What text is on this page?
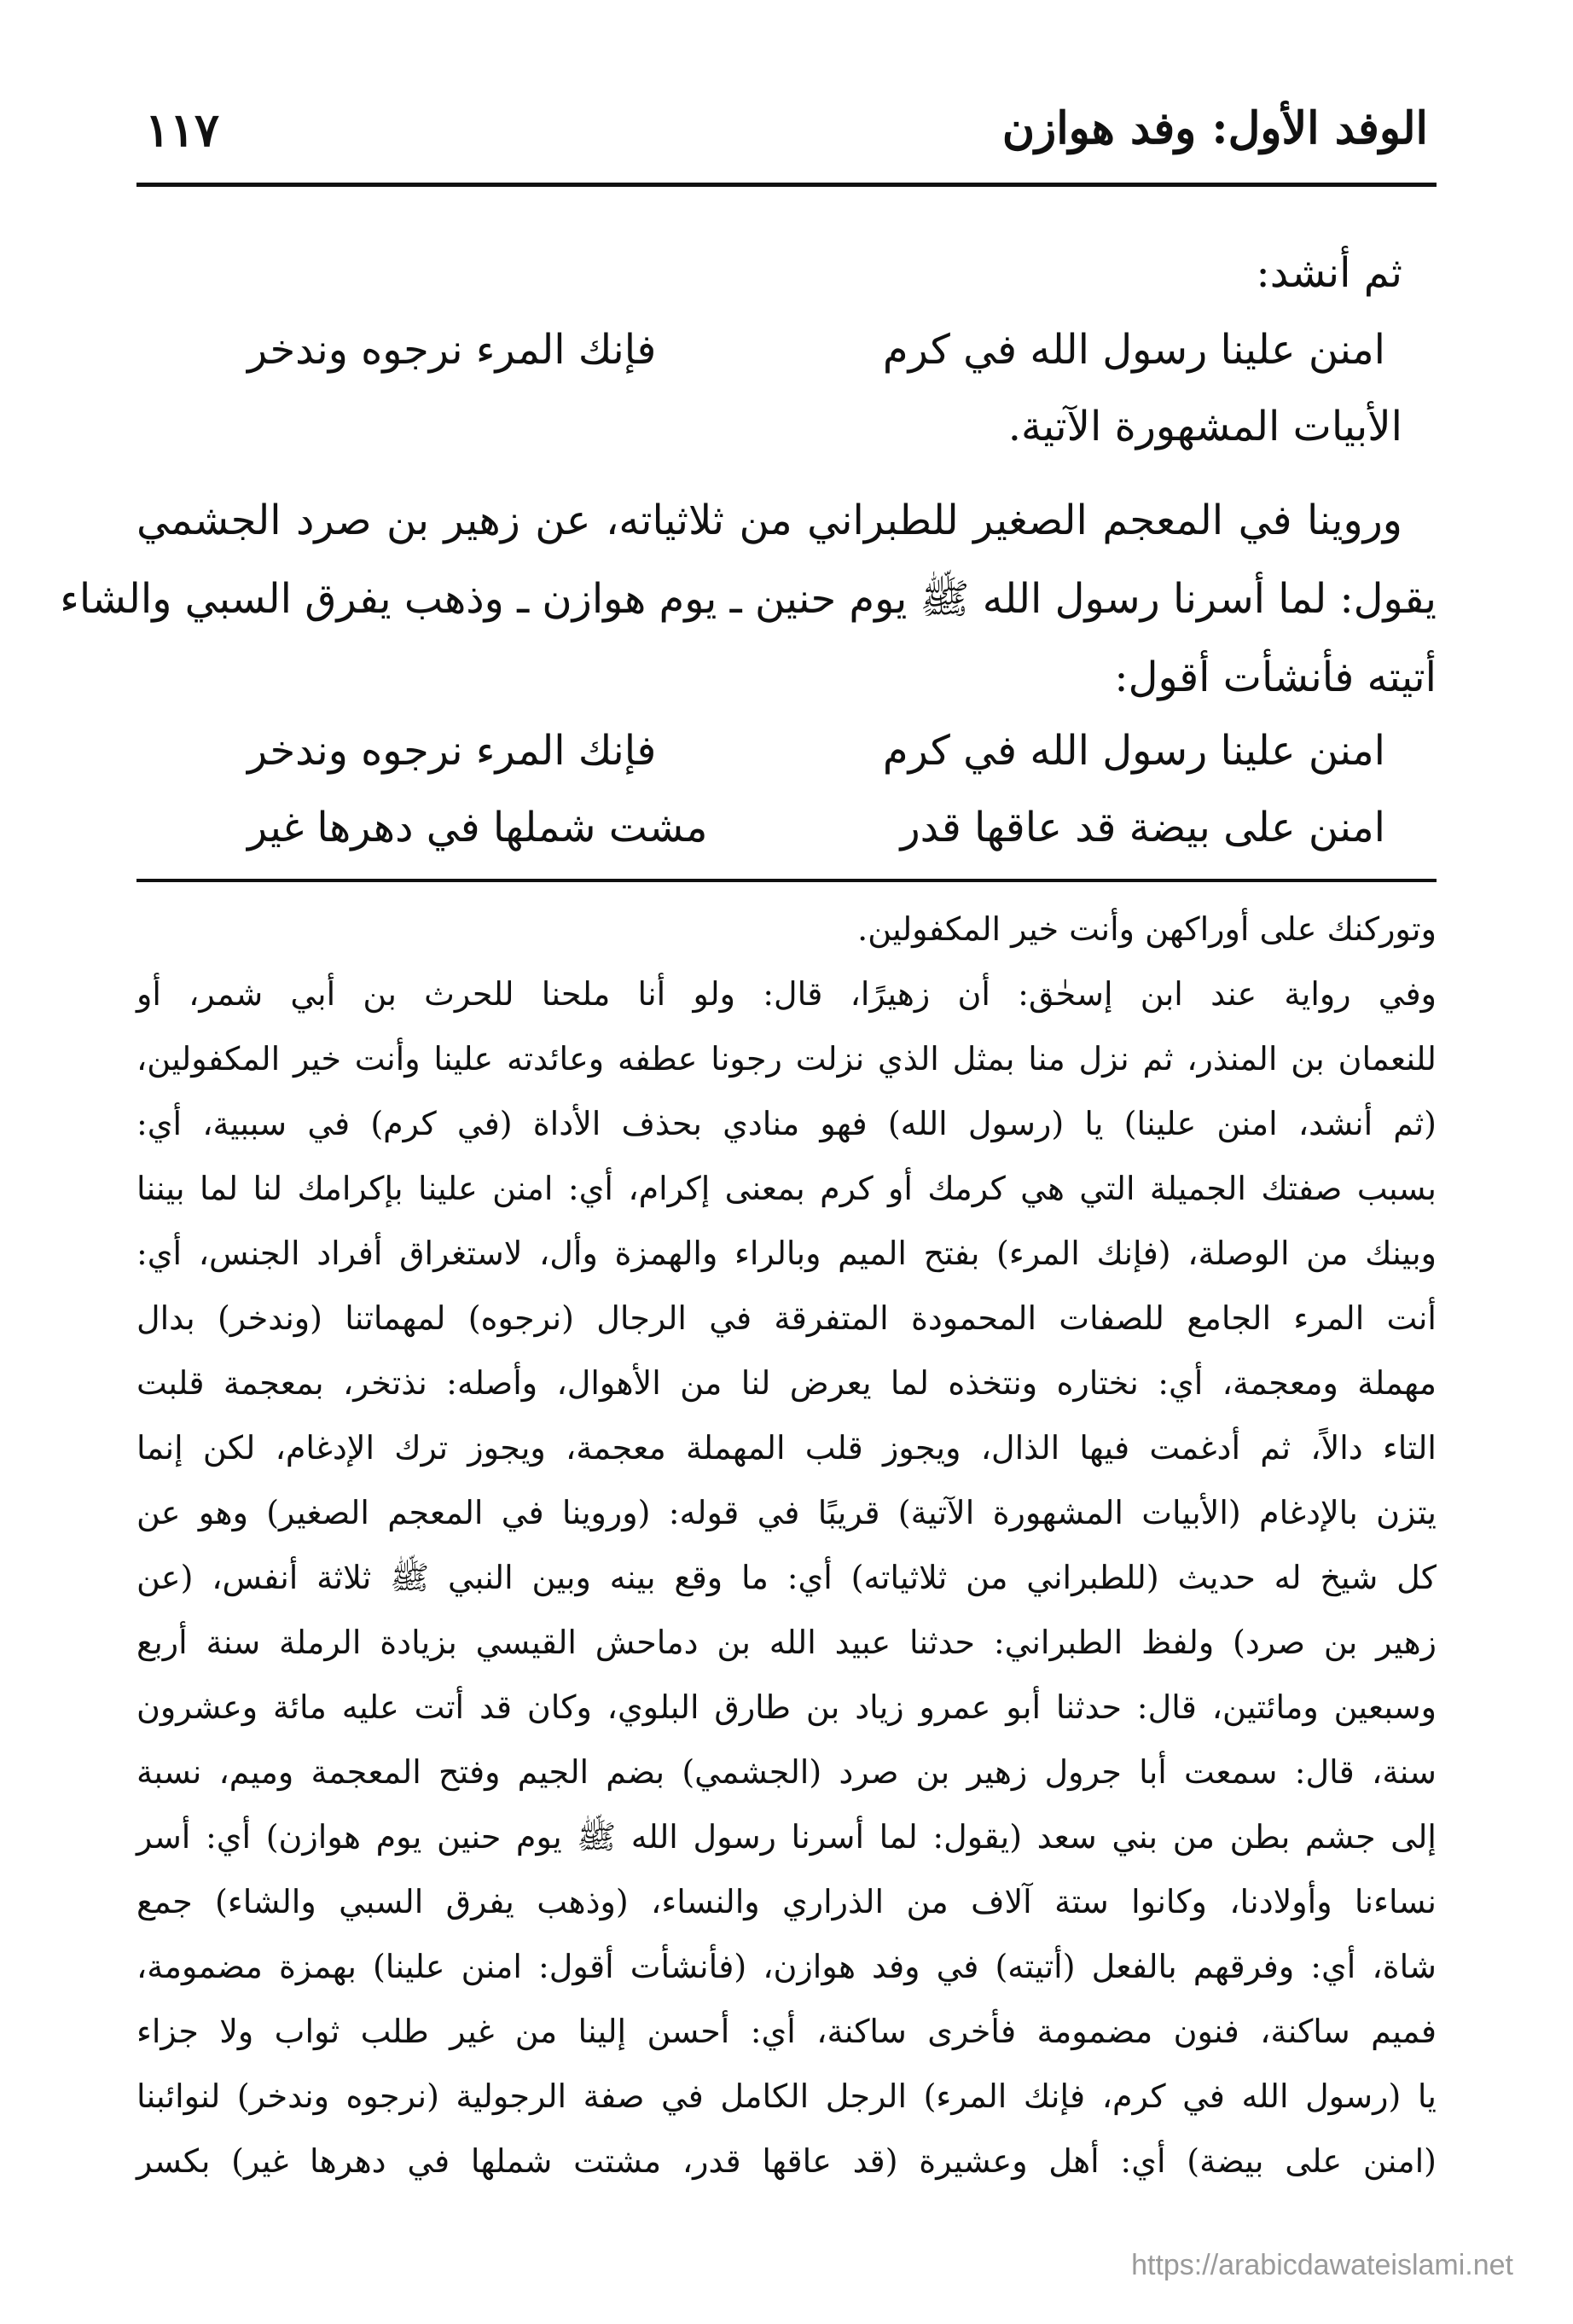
الوفد الأول: وفد هوازن
١١٧
ثم أنشد:
امنن علينا رسول الله في كرم
فإنك المرء نرجوه وندخر
الأبيات المشهورة الآتية.
وروينا في المعجم الصغير للطبراني من ثلاثياته، عن زهير بن صرد الجشمي
يقول: لما أسرنا رسول الله ﷺ يوم حنين ـ يوم هوازن ـ وذهب يفرق السبي والشاء
أتيته فأنشأت أقول:
امنن علينا رسول الله في كرم
فإنك المرء نرجوه وندخر
امنن على بيضة قد عاقها قدر
مشت شملها في دهرها غير
وتوركنك على أوراكهن وأنت خير المكفولين.
وفي رواية عند ابن إسحٰق: أن زهيرًا، قال: ولو أنا ملحنا للحرث بن أبي شمر، أو
للنعمان بن المنذر، ثم نزل منا بمثل الذي نزلت رجونا عطفه وعائدته علينا وأنت خير المكفولين،
(ثم أنشد، امنن علينا) يا (رسول الله) فهو منادي بحذف الأداة (في كرم) في سببية، أي:
بسبب صفتك الجميلة التي هي كرمك أو كرم بمعنى إكرام، أي: امنن علينا بإكرامك لنا لما بيننا
وبينك من الوصلة، (فإنك المرء) بفتح الميم وبالراء والهمزة وأل، لاستغراق أفراد الجنس، أي:
أنت المرء الجامع للصفات المحمودة المتفرقة في الرجال (نرجوه) لمهماتنا (وندخر) بدال
مهملة ومعجمة، أي: نختاره ونتخذه لما يعرض لنا من الأهوال، وأصله: نذتخر، بمعجمة قلبت
التاء دالاً، ثم أدغمت فيها الذال، ويجوز قلب المهملة معجمة، ويجوز ترك الإدغام، لكن إنما
يتزن بالإدغام (الأبيات المشهورة الآتية) قريبًا في قوله: (وروينا في المعجم الصغير) وهو عن
كل شيخ له حديث (للطبراني من ثلاثياته) أي: ما وقع بينه وبين النبي ﷺ ثلاثة أنفس، (عن
زهير بن صرد) ولفظ الطبراني: حدثنا عبيد الله بن دماحش القيسي بزيادة الرملة سنة أربع
وسبعين ومائتين، قال: حدثنا أبو عمرو زياد بن طارق البلوي، وكان قد أتت عليه مائة وعشرون
سنة، قال: سمعت أبا جرول زهير بن صرد (الجشمي) بضم الجيم وفتح المعجمة وميم، نسبة
إلى جشم بطن من بني سعد (يقول: لما أسرنا رسول الله ﷺ يوم حنين يوم هوازن) أي: أسر
نساءنا وأولادنا، وكانوا ستة آلاف من الذراري والنساء، (وذهب يفرق السبي والشاء) جمع
شاة، أي: وفرقهم بالفعل (أتيته) في وفد هوازن، (فأنشأت أقول: امنن علينا) بهمزة مضمومة،
فميم ساكنة، فنون مضمومة فأخرى ساكنة، أي: أحسن إلينا من غير طلب ثواب ولا جزاء
يا (رسول الله في كرم، فإنك المرء) الرجل الكامل في صفة الرجولية (نرجوه وندخر) لنوائبنا
(امنن على بيضة) أي: أهل وعشيرة (قد عاقها قدر، مشتت شملها في دهرها غير) بكسر
https://arabicdawateislami.net
